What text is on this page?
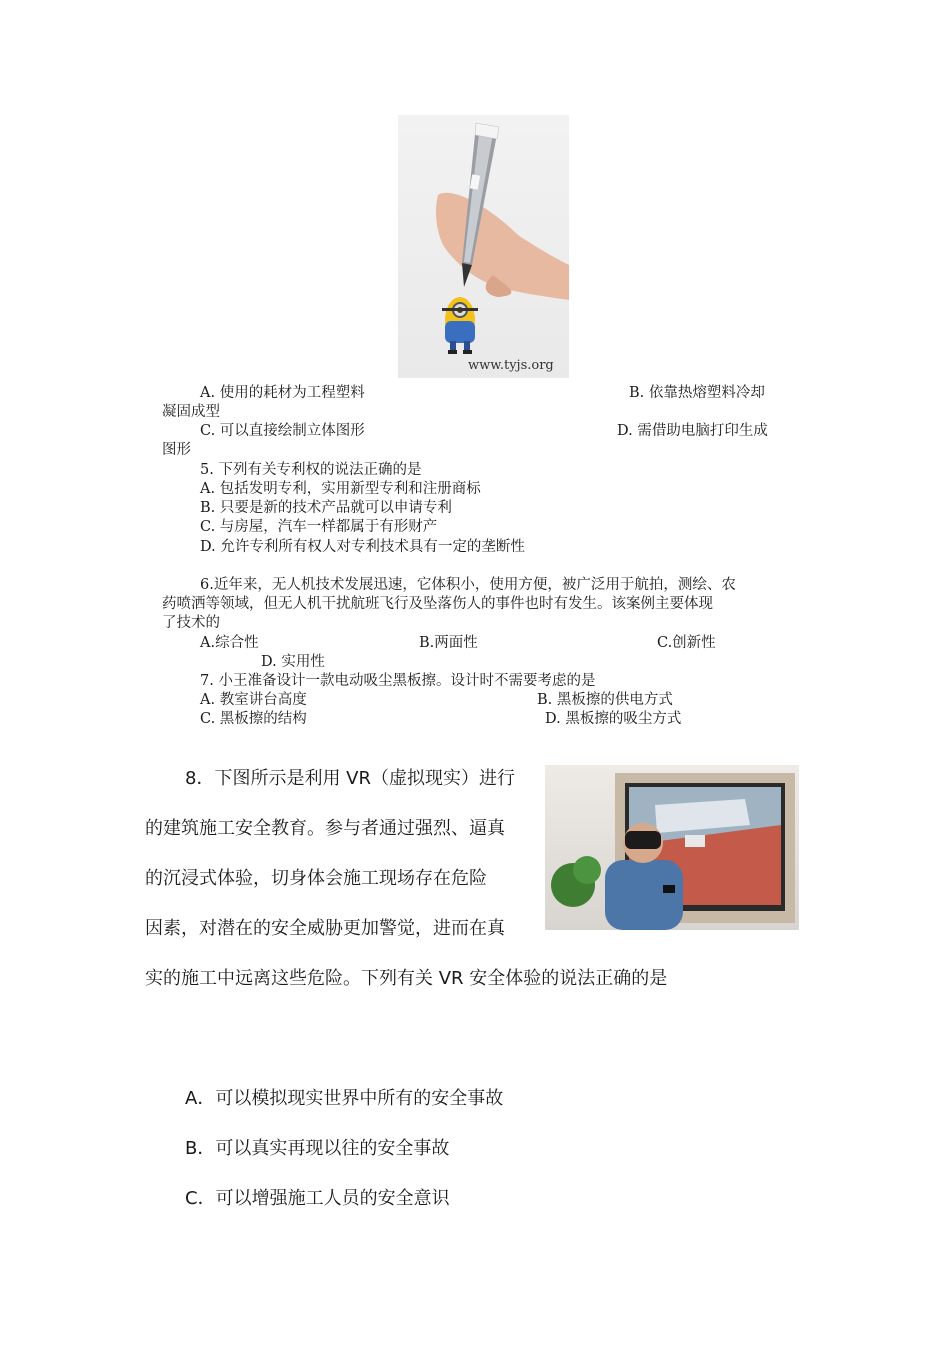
www.tyjs.org
A. 使用的耗材为工程塑料	B. 依靠热熔塑料冷却
凝固成型
C. 可以直接绘制立体图形	D. 需借助电脑打印生成
图形
5. 下列有关专利权的说法正确的是
A. 包括发明专利，实用新型专利和注册商标
B. 只要是新的技术产品就可以申请专利
C. 与房屋，汽车一样都属于有形财产
D. 允许专利所有权人对专利技术具有一定的垄断性
6.近年来，无人机技术发展迅速，它体积小，使用方便，被广泛用于航拍，测绘、农
药喷洒等领域，但无人机干扰航班飞行及坠落伤人的事件也时有发生。该案例主要体现
了技术的
A.综合性	B.两面性	C.创新性
D. 实用性
7. 小王准备设计一款电动吸尘黑板擦。设计时不需要考虑的是
A. 教室讲台高度	B. 黑板擦的供电方式
C. 黑板擦的结构	D. 黑板擦的吸尘方式
8．下图所示是利用 VR（虚拟现实）进行
的建筑施工安全教育。参与者通过强烈、逼真
的沉浸式体验，切身体会施工现场存在危险
因素，对潜在的安全威胁更加警觉，进而在真
实的施工中远离这些危险。下列有关 VR 安全体验的说法正确的是
A．可以模拟现实世界中所有的安全事故
B．可以真实再现以往的安全事故
C．可以增强施工人员的安全意识
